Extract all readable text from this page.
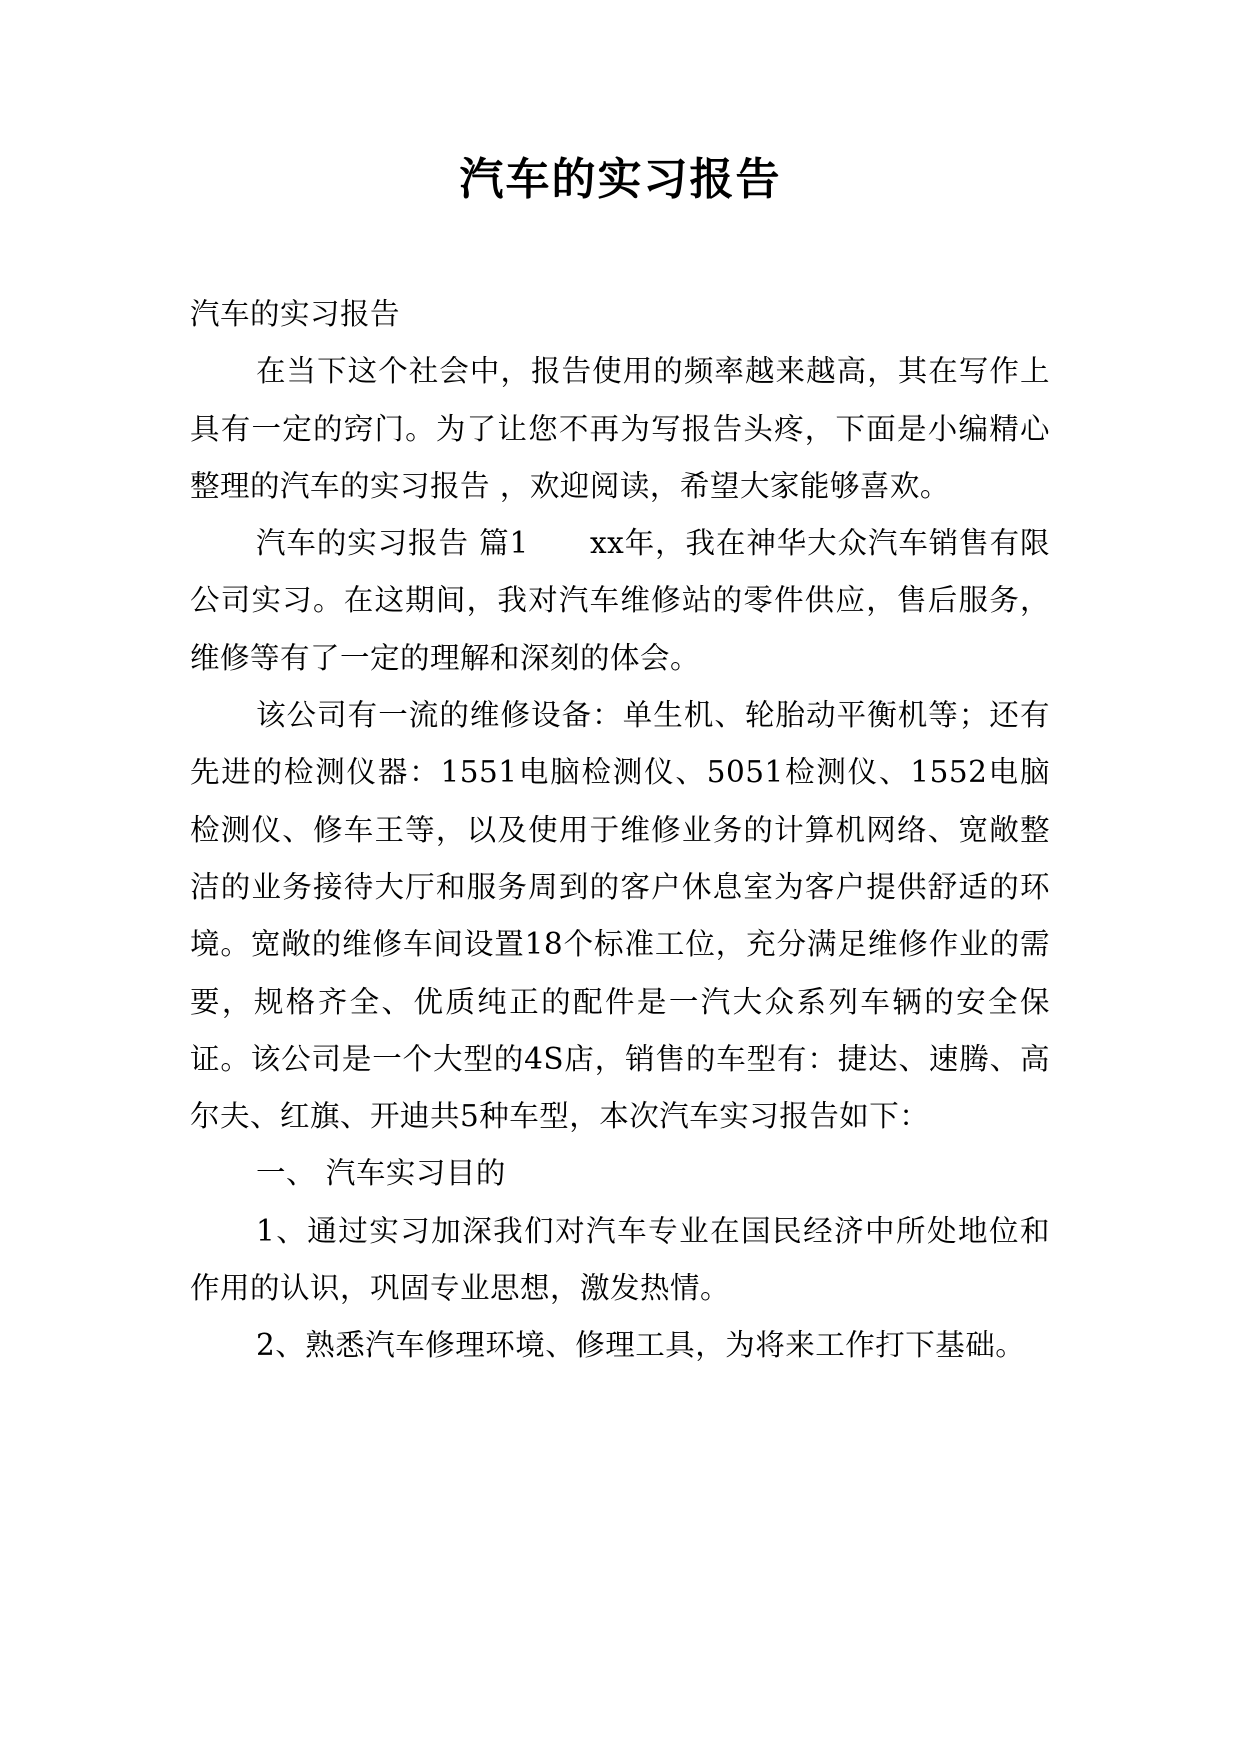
汽车的实习报告

汽车的实习报告

在当下这个社会中，报告使用的频率越来越高，其在写作上具有一定的窍门。为了让您不再为写报告头疼，下面是小编精心整理的汽车的实习报告 ，欢迎阅读，希望大家能够喜欢。

汽车的实习报告 篇1　　xx年，我在神华大众汽车销售有限公司实习。在这期间，我对汽车维修站的零件供应，售后服务，维修等有了一定的理解和深刻的体会。

该公司有一流的维修设备：单生机、轮胎动平衡机等；还有先进的检测仪器：1551电脑检测仪、5051检测仪、1552电脑检测仪、修车王等，以及使用于维修业务的计算机网络、宽敞整洁的业务接待大厅和服务周到的客户休息室为客户提供舒适的环境。宽敞的维修车间设置18个标准工位，充分满足维修作业的需要，规格齐全、优质纯正的配件是一汽大众系列车辆的安全保证。该公司是一个大型的4S店，销售的车型有：捷达、速腾、高尔夫、红旗、开迪共5种车型，本次汽车实习报告如下：

一、 汽车实习目的

1、通过实习加深我们对汽车专业在国民经济中所处地位和作用的认识，巩固专业思想，激发热情。

2、熟悉汽车修理环境、修理工具，为将来工作打下基础。
